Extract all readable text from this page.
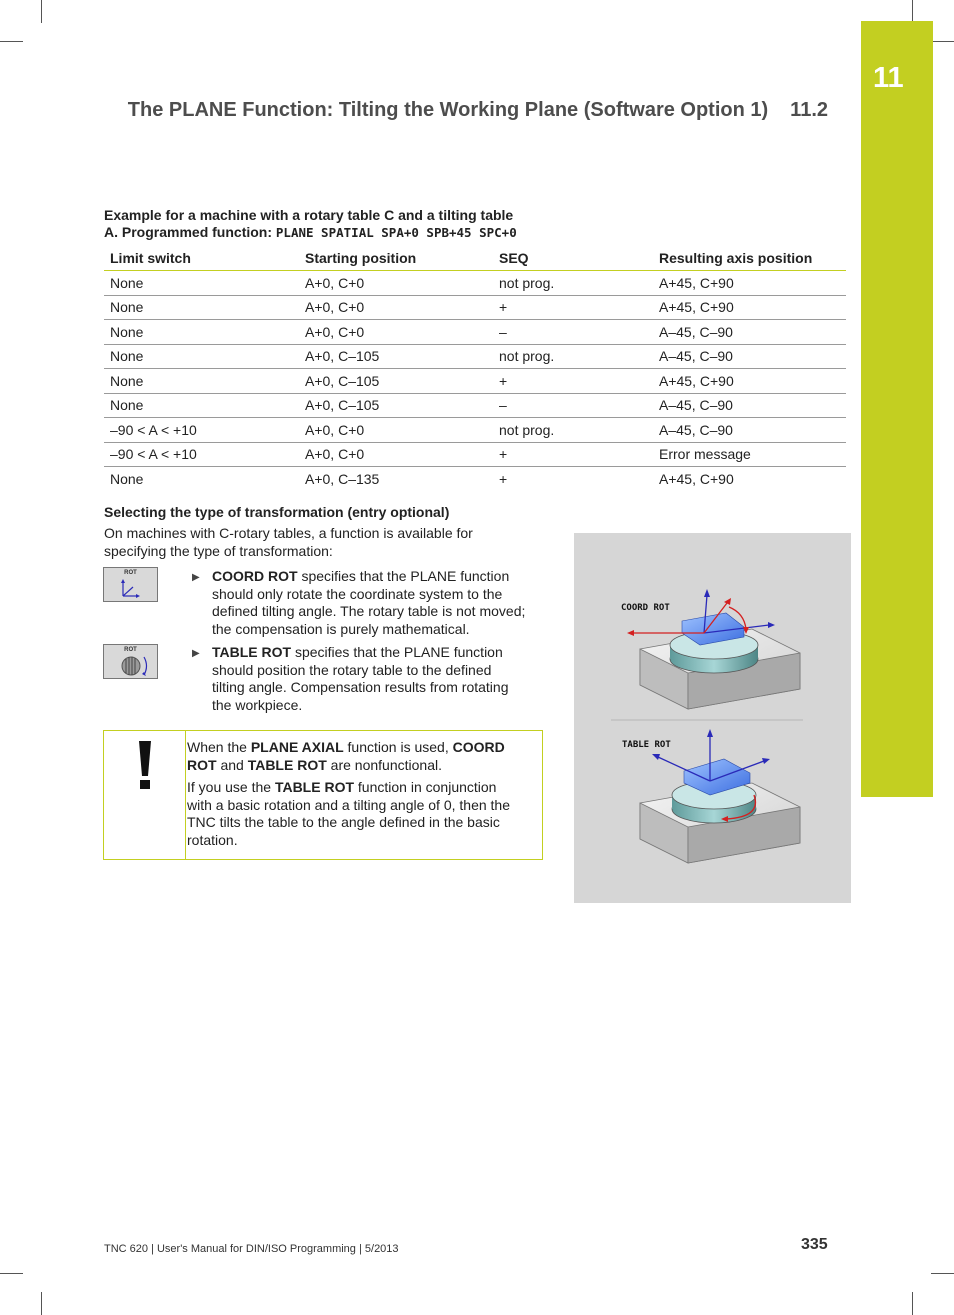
11
The PLANE Function: Tilting the Working Plane (Software Option 1) 11.2
Example for a machine with a rotary table C and a tilting table
A. Programmed function: PLANE SPATIAL SPA+0 SPB+45 SPC+0
Limit switch	Starting position	SEQ	Resulting axis position
None	A+0, C+0	not prog.	A+45, C+90
None	A+0, C+0	+	A+45, C+90
None	A+0, C+0	–	A–45, C–90
None	A+0, C–105	not prog.	A–45, C–90
None	A+0, C–105	+	A+45, C+90
None	A+0, C–105	–	A–45, C–90
–90 < A < +10	A+0, C+0	not prog.	A–45, C–90
–90 < A < +10	A+0, C+0	+	Error message
None	A+0, C–135	+	A+45, C+90
Selecting the type of transformation (entry optional)
On machines with C-rotary tables, a function is available for specifying the type of transformation:
ROT	▶ COORD ROT specifies that the PLANE function
should only rotate the coordinate system to the
defined tilting angle. The rotary table is not moved;
the compensation is purely mathematical.
ROT	▶ TABLE ROT specifies that the PLANE function
should position the rotary table to the defined
tilting angle. Compensation results from rotating
the workpiece.
When the PLANE AXIAL function is used, COORD
ROT and TABLE ROT are nonfunctional.
If you use the TABLE ROT function in conjunction
with a basic rotation and a tilting angle of 0, then the
TNC tilts the table to the angle defined in the basic
rotation.
COORD ROT
TABLE ROT
TNC 620 | User's Manual for DIN/ISO Programming | 5/2013	335
